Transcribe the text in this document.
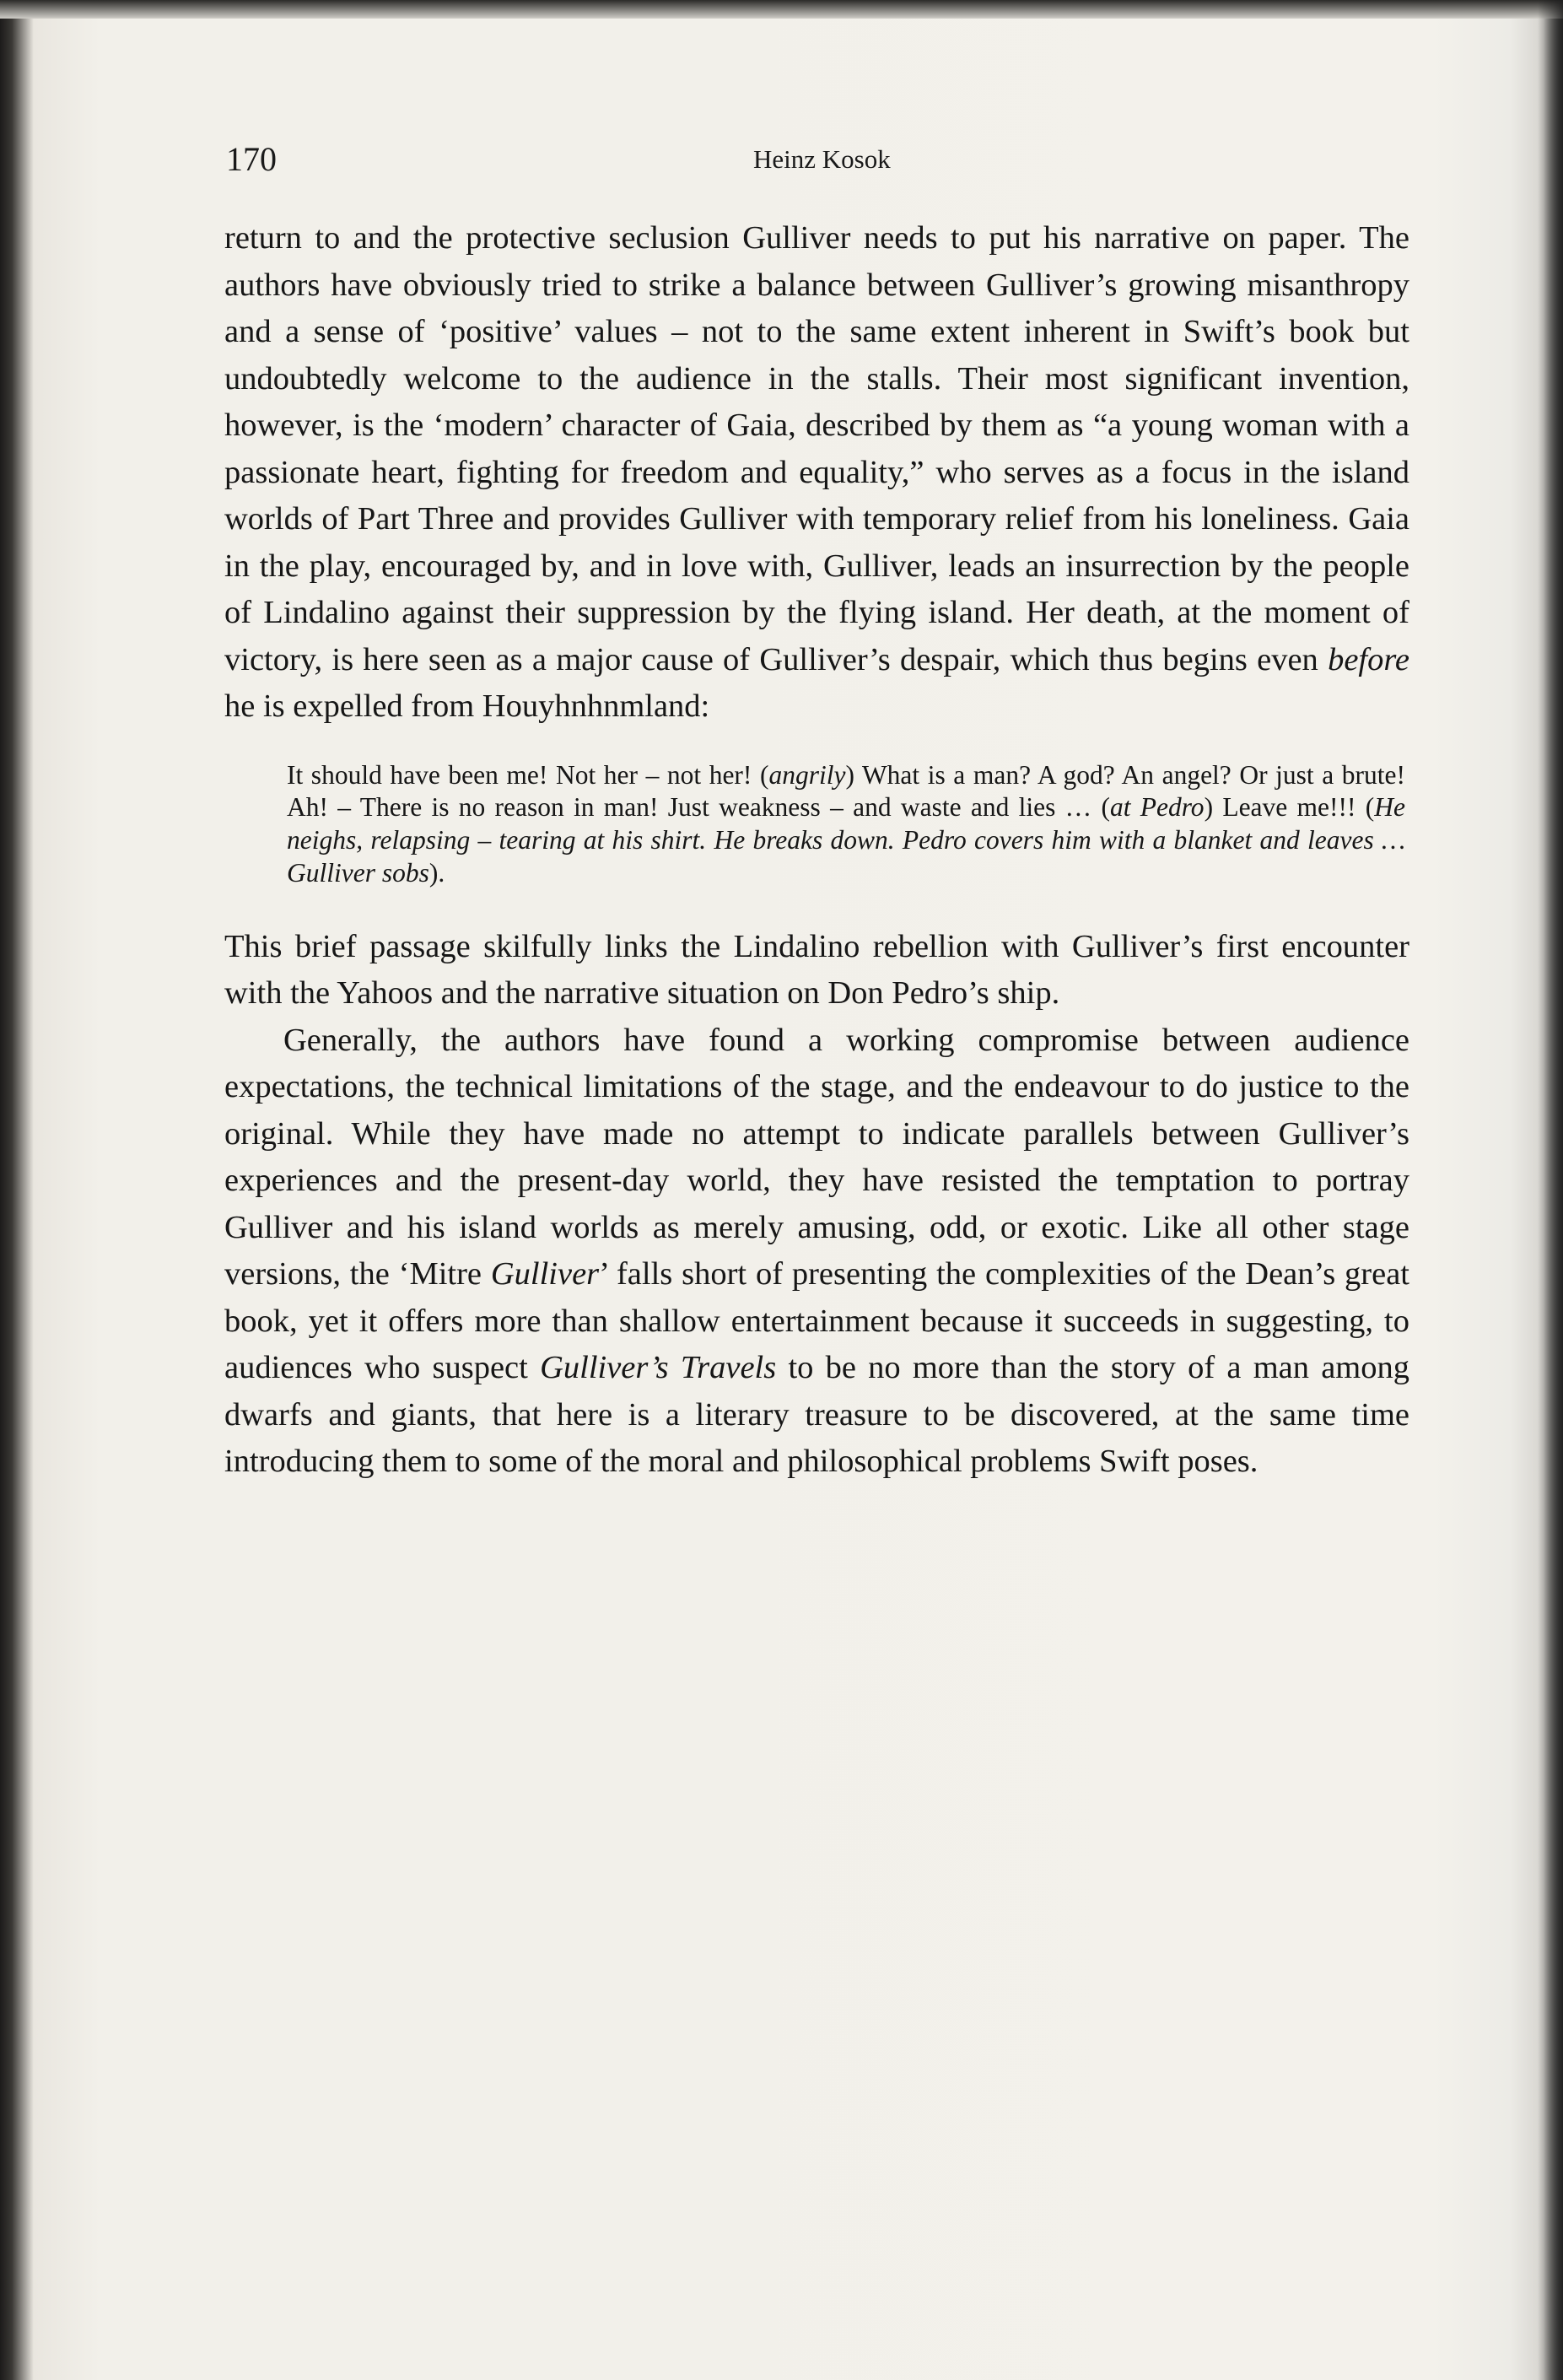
170	Heinz Kosok

return to and the protective seclusion Gulliver needs to put his narrative on paper. The authors have obviously tried to strike a balance between Gulliver’s growing misanthropy and a sense of ‘positive’ values – not to the same extent inherent in Swift’s book but undoubtedly welcome to the audience in the stalls. Their most significant invention, however, is the ‘modern’ character of Gaia, described by them as “a young woman with a passionate heart, fighting for freedom and equality,” who serves as a focus in the island worlds of Part Three and provides Gulliver with temporary relief from his loneliness. Gaia in the play, encouraged by, and in love with, Gulliver, leads an insurrection by the people of Lindalino against their suppression by the flying island. Her death, at the moment of victory, is here seen as a major cause of Gulliver’s despair, which thus begins even before he is expelled from Houyhnhnmland:

It should have been me! Not her – not her! (angrily) What is a man? A god? An angel? Or just a brute! Ah! – There is no reason in man! Just weakness – and waste and lies … (at Pedro) Leave me!!! (He neighs, relapsing – tearing at his shirt. He breaks down. Pedro covers him with a blanket and leaves … Gulliver sobs).

This brief passage skilfully links the Lindalino rebellion with Gulliver’s first encounter with the Yahoos and the narrative situation on Don Pedro’s ship.

Generally, the authors have found a working compromise between audience expectations, the technical limitations of the stage, and the endeavour to do justice to the original. While they have made no attempt to indicate parallels between Gulliver’s experiences and the present-day world, they have resisted the temptation to portray Gulliver and his island worlds as merely amusing, odd, or exotic. Like all other stage versions, the ‘Mitre Gulliver’ falls short of presenting the complexities of the Dean’s great book, yet it offers more than shallow entertainment because it succeeds in suggesting, to audiences who suspect Gulliver’s Travels to be no more than the story of a man among dwarfs and giants, that here is a literary treasure to be discovered, at the same time introducing them to some of the moral and philosophical problems Swift poses.
